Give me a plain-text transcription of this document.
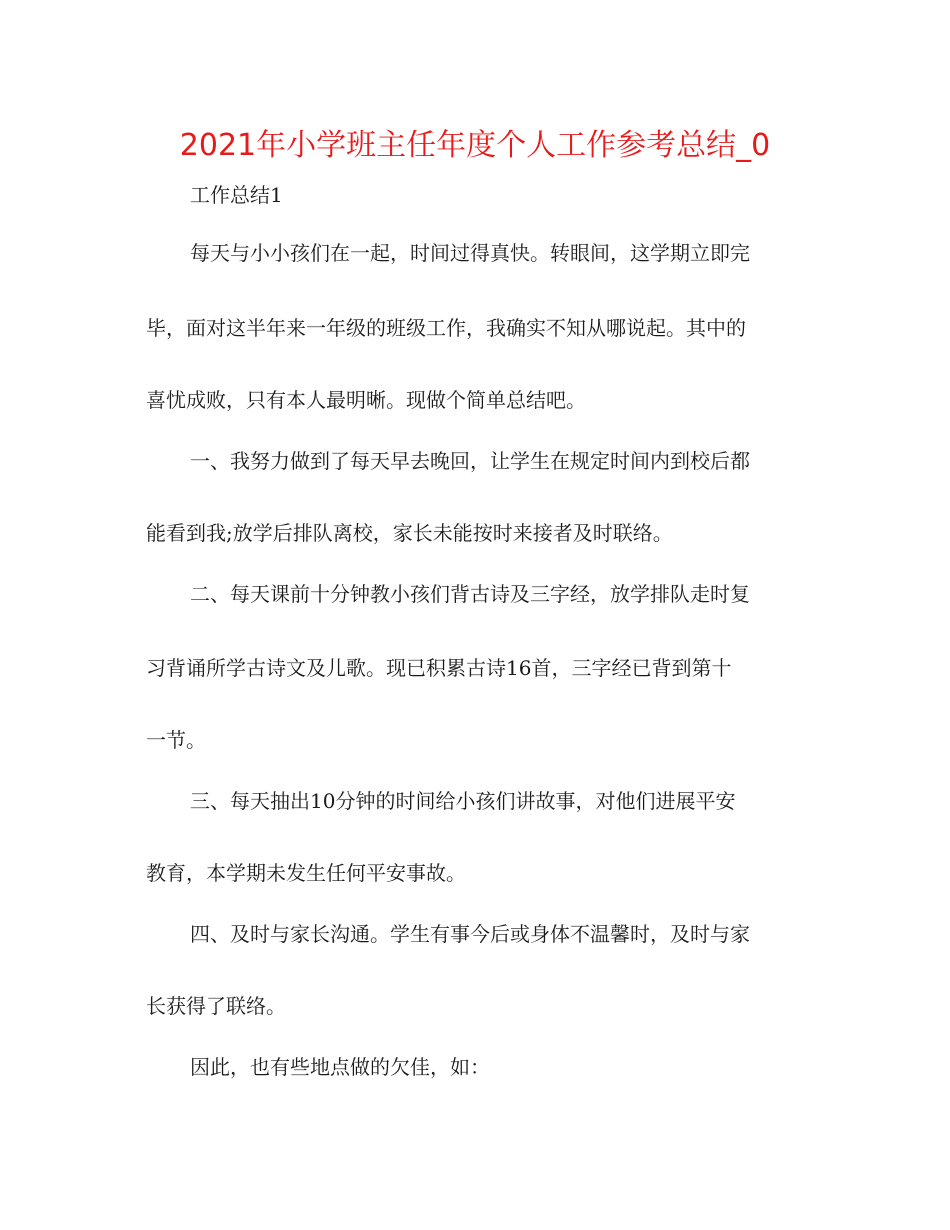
2021年小学班主任年度个人工作参考总结_0
工作总结1
每天与小小孩们在一起，时间过得真快。转眼间，这学期立即完
毕，面对这半年来一年级的班级工作，我确实不知从哪说起。其中的
喜忧成败，只有本人最明晰。现做个简单总结吧。
一、我努力做到了每天早去晚回，让学生在规定时间内到校后都
能看到我;放学后排队离校，家长未能按时来接者及时联络。
二、每天课前十分钟教小孩们背古诗及三字经，放学排队走时复
习背诵所学古诗文及儿歌。现已积累古诗16首，三字经已背到第十
一节。
三、每天抽出10分钟的时间给小孩们讲故事，对他们进展平安
教育，本学期未发生任何平安事故。
四、及时与家长沟通。学生有事今后或身体不温馨时，及时与家
长获得了联络。
因此，也有些地点做的欠佳，如：
